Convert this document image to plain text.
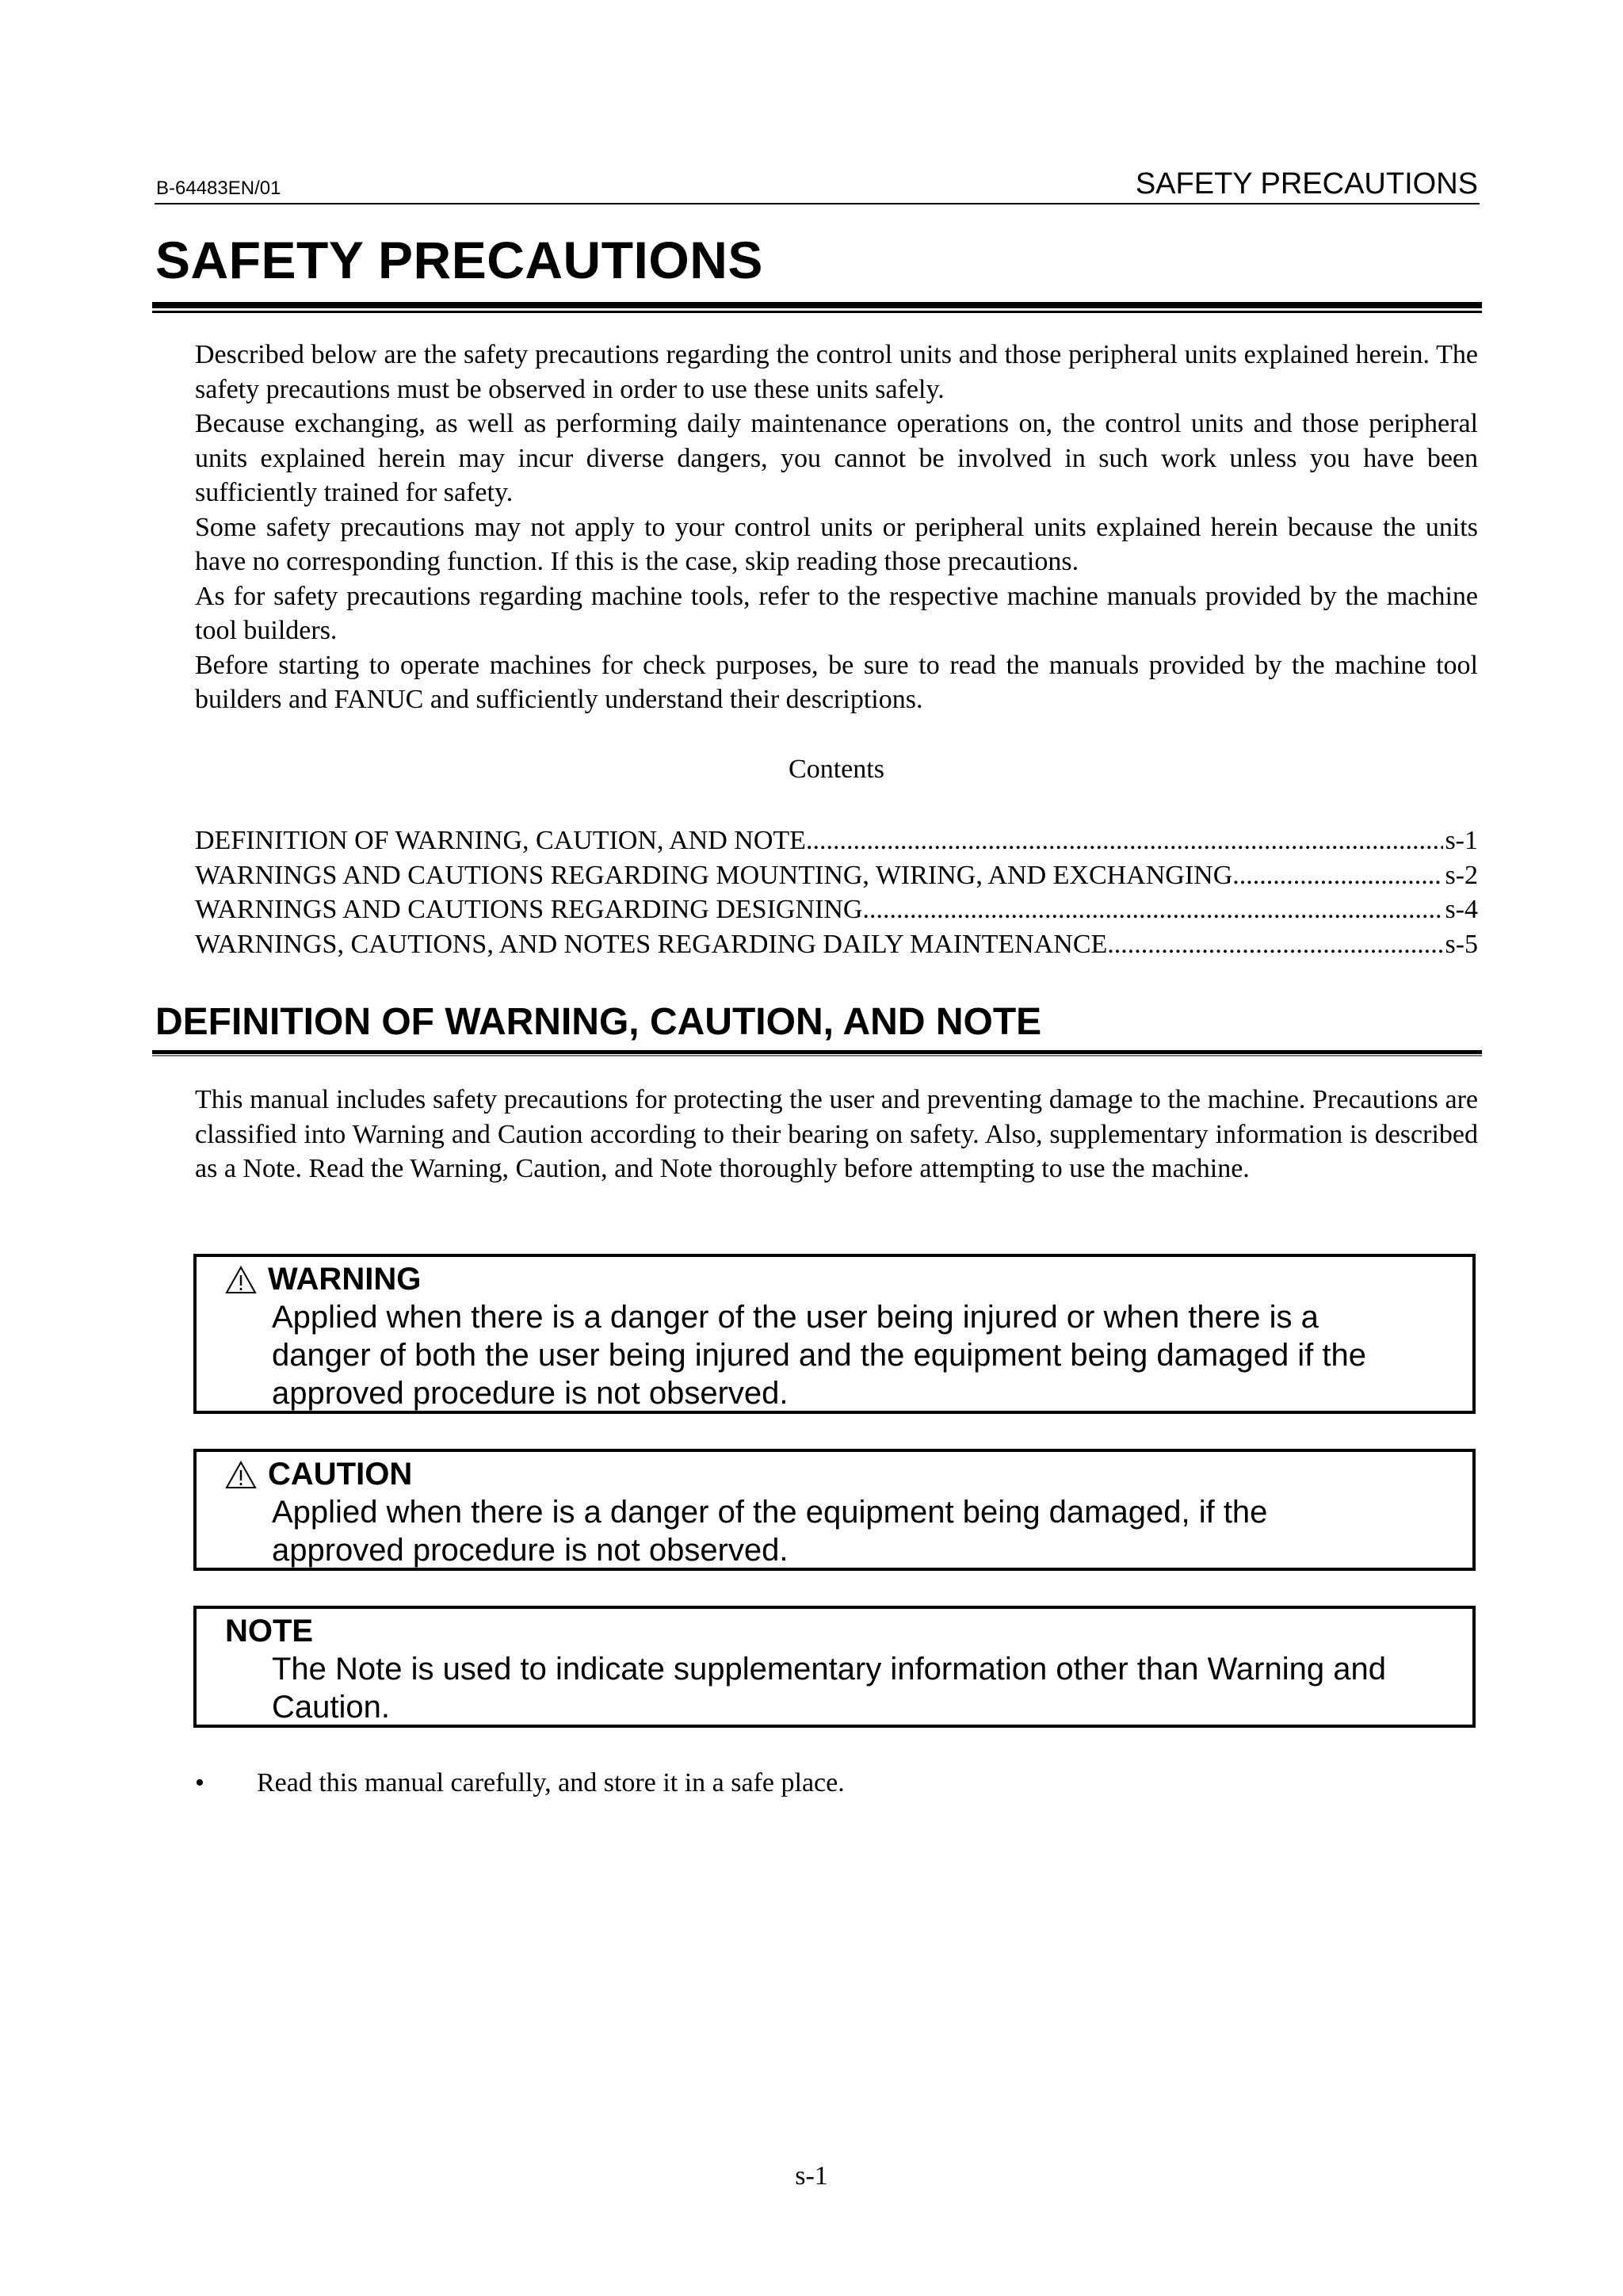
B-64483EN/01	SAFETY PRECAUTIONS
SAFETY PRECAUTIONS

Described below are the safety precautions regarding the control units and those peripheral units explained herein. The safety precautions must be observed in order to use these units safely.

Because exchanging, as well as performing daily maintenance operations on, the control units and those peripheral units explained herein may incur diverse dangers, you cannot be involved in such work unless you have been sufficiently trained for safety.

Some safety precautions may not apply to your control units or peripheral units explained herein because the units have no corresponding function. If this is the case, skip reading those precautions.

As for safety precautions regarding machine tools, refer to the respective machine manuals provided by the machine tool builders.

Before starting to operate machines for check purposes, be sure to read the manuals provided by the machine tool builders and FANUC and sufficiently understand their descriptions.

Contents
DEFINITION OF WARNING, CAUTION, AND NOTE .....	s-1
WARNINGS AND CAUTIONS REGARDING MOUNTING, WIRING, AND EXCHANGING .....	s-2
WARNINGS AND CAUTIONS REGARDING DESIGNING .....	s-4
WARNINGS, CAUTIONS, AND NOTES REGARDING DAILY MAINTENANCE .....	s-5
DEFINITION OF WARNING, CAUTION, AND NOTE

This manual includes safety precautions for protecting the user and preventing damage to the machine. Precautions are classified into Warning and Caution according to their bearing on safety. Also, supplementary information is described as a Note. Read the Warning, Caution, and Note thoroughly before attempting to use the machine.

WARNING
Applied when there is a danger of the user being injured or when there is a
danger of both the user being injured and the equipment being damaged if the
approved procedure is not observed.
CAUTION
Applied when there is a danger of the equipment being damaged, if the
approved procedure is not observed.
NOTE
The Note is used to indicate supplementary information other than Warning and
Caution.
•	Read this manual carefully, and store it in a safe place.
s-1
